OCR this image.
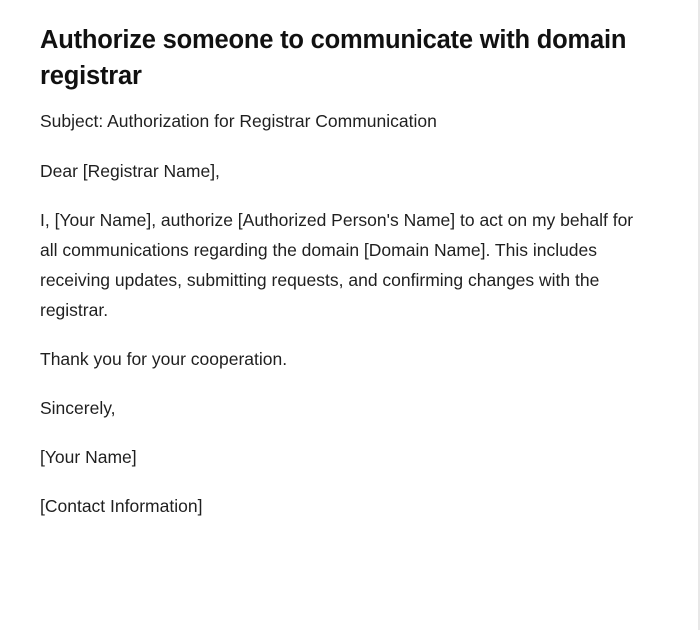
Authorize someone to communicate with domain registrar

Subject: Authorization for Registrar Communication

Dear [Registrar Name],

I, [Your Name], authorize [Authorized Person's Name] to act on my behalf for all communications regarding the domain [Domain Name]. This includes receiving updates, submitting requests, and confirming changes with the registrar.

Thank you for your cooperation.

Sincerely,

[Your Name]

[Contact Information]
